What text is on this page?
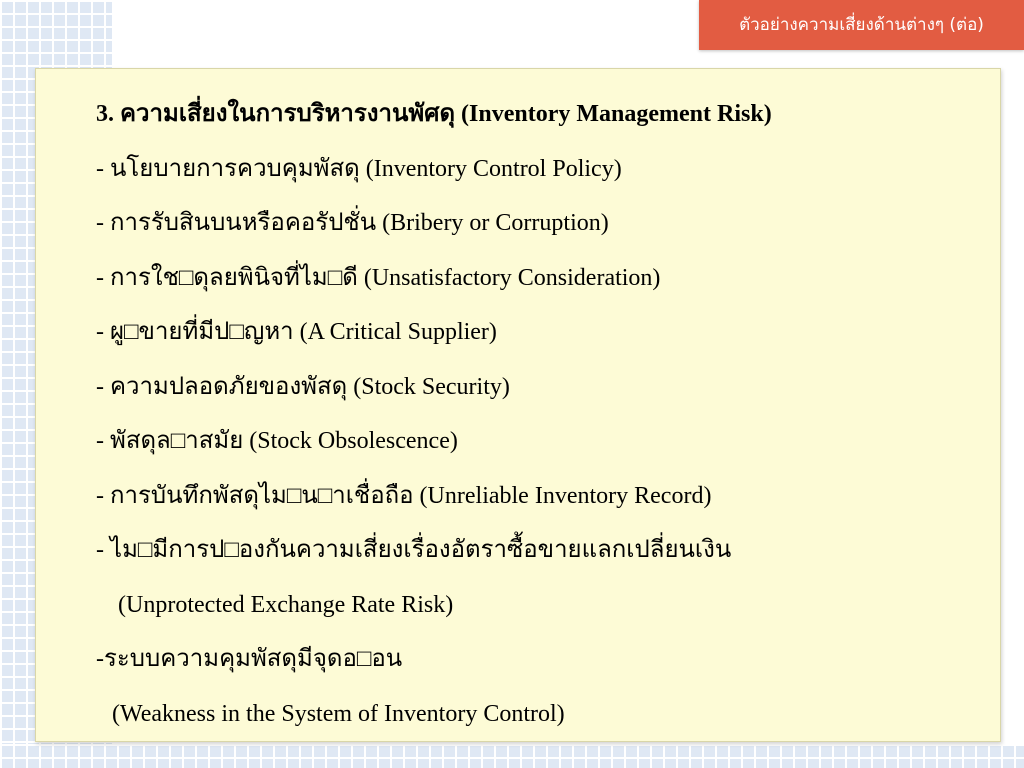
ตัวอย่างความเสี่ยงด้านต่างๆ (ต่อ)
3. ความเสี่ยงในการบริหารงานพัศดุ (Inventory Management Risk)
- นโยบายการควบคุมพัสดุ (Inventory Control Policy)
- การรับสินบนหรือคอรัปชั่น (Bribery or Corruption)
- การใช□ดุลยพินิจที่ไม□ดี (Unsatisfactory Consideration)
- ผู□ขายที่มีป□ญหา (A Critical Supplier)
- ความปลอดภัยของพัสดุ (Stock Security)
- พัสดุล□าสมัย (Stock Obsolescence)
- การบันทึกพัสดุไม□น□าเชื่อถือ (Unreliable Inventory Record)
- ไม□มีการป□องกันความเสี่ยงเรื่องอัตราซื้อขายแลกเปลี่ยนเงิน
(Unprotected Exchange Rate Risk)
-ระบบความคุมพัสดุมีจุดอ□อน
(Weakness in the System of Inventory Control)
